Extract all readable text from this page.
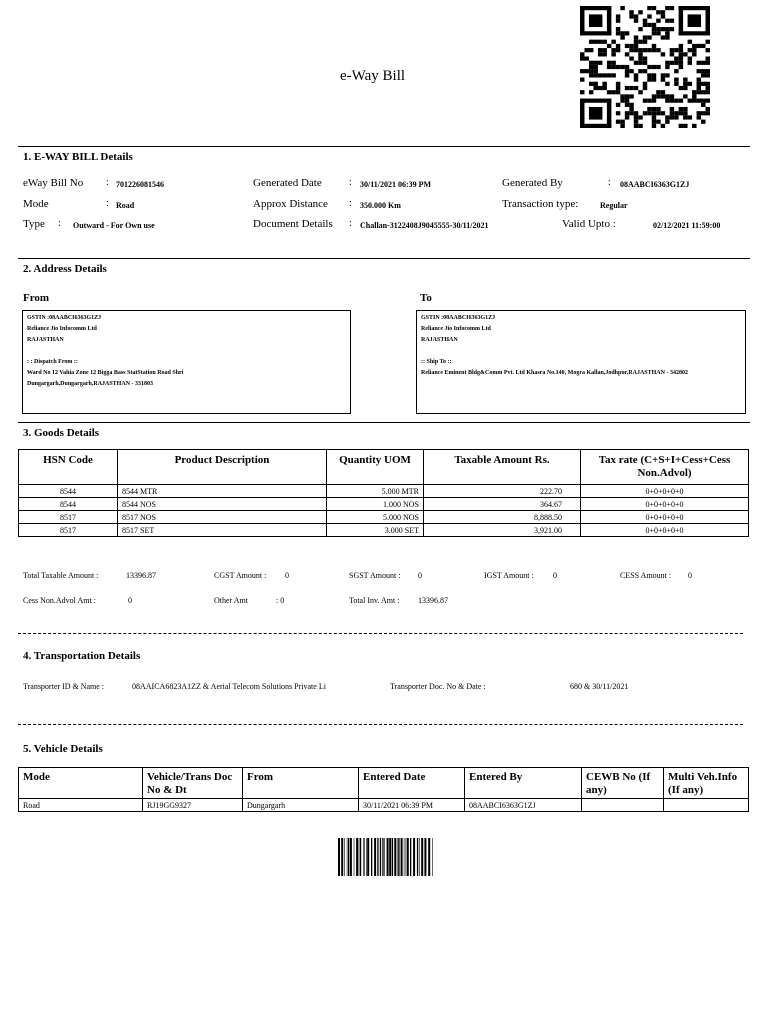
e-Way Bill
1. E-WAY BILL Details
eWay Bill No : 701226081546	Generated Date	: 30/11/2021 06:39 PM	Generated By	: 08AABCI6363G1ZJ
Mode	: Road	Approx Distance : 350.000 Km	Transaction type:	Regular
Type : Outward - For Own use	Document Details : Challan-3122408J9045555-30/11/2021	Valid Upto :	02/12/2021 11:59:00
2. Address Details
From	To
GSTIN :08AABCI6363G1ZJ
Reliance Jio Infocomm Ltd
RAJASTHAN
: : Dispatch From ::
Ward No 12 Vahia Zone 12 Bigga Bass StatStation Road Shri
Dungargarh,Dungargarh,RAJASTHAN - 331803
GSTIN :08AABCI6363G1ZJ
Reliance Jio Infocomm Ltd
RAJASTHAN
:: Ship To ::
Reliance Eminent Bldg&Comm Pvt. Ltd Khasra No.140, Mogra Kallan,Jodhpur,RAJASTHAN - 342802
3. Goods Details
HSN Code	Product Description	Quantity UOM	Taxable Amount Rs.	Tax rate (C+S+I+Cess+Cess Non.Advol)
8544	8544 MTR	5.000 MTR	222.70	0+0+0+0+0
8544	8544 NOS	1.000 NOS	364.67	0+0+0+0+0
8517	8517 NOS	5.000 NOS	8,888.50	0+0+0+0+0
8517	8517 SET	3.000 SET	3,921.00	0+0+0+0+0
Total Taxable Amount :	13396.87	CGST Amount : 0	SGST Amount : 0	IGST Amount : 0	CESS Amount : 0
Cess Non.Advol Amt :	0	Other Amt	: 0	Total Inv. Amt : 13396.87
4. Transportation Details
Transporter ID & Name :	08AAICA6823A1ZZ & Aerial Telecom Solutions Private Li	Transporter Doc. No & Date :	680 & 30/11/2021
5. Vehicle Details
Mode	Vehicle/Trans Doc No & Dt	From	Entered Date	Entered By	CEWB No (If any)	Multi Veh.Info (If any)
Road	RJ19GG9327	Dungargarh	30/11/2021 06:39 PM	08AABCI6363G1ZJ		
